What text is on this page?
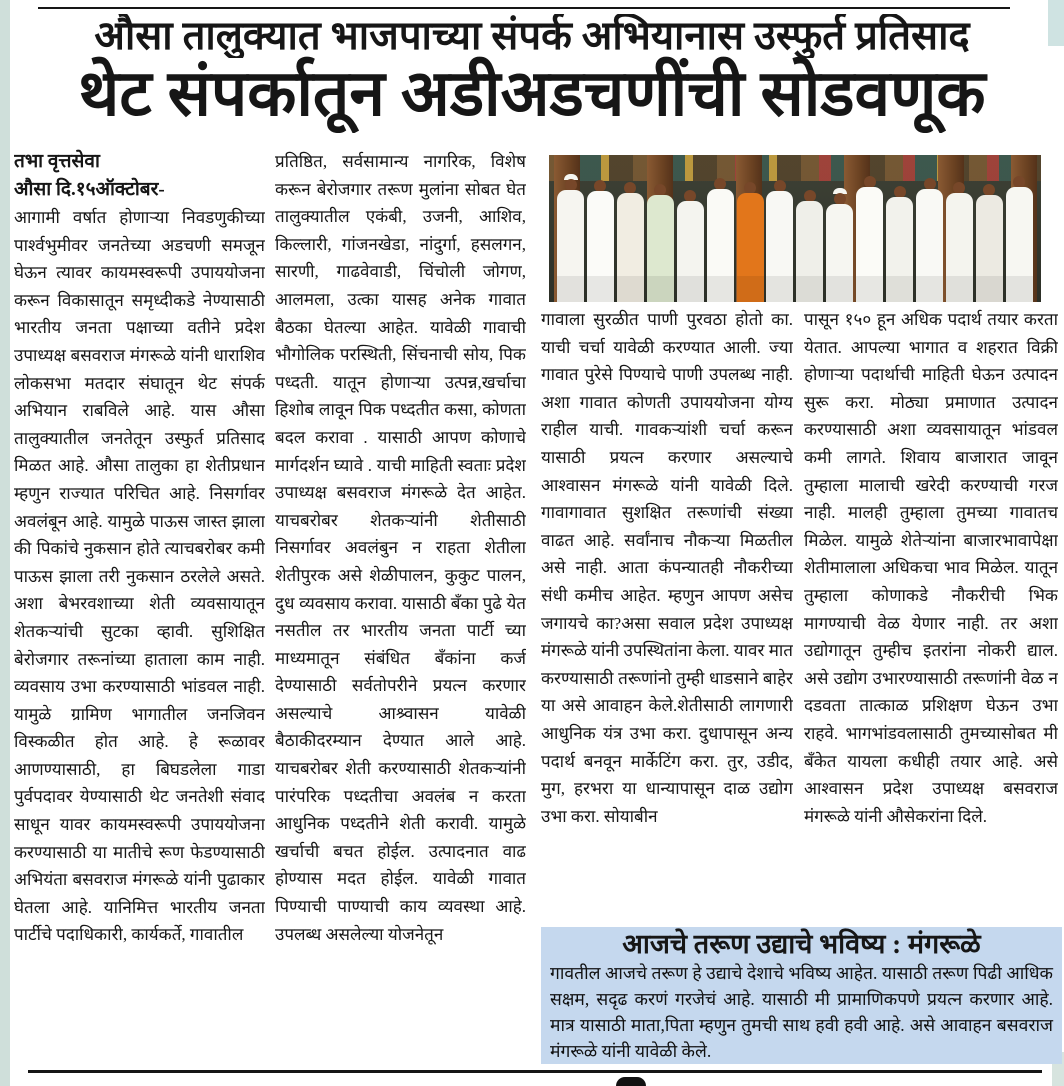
औसा तालुक्यात भाजपाच्या संपर्क अभियानास उस्फुर्त प्रतिसाद
थेट संपर्कातून अडीअडचणींची सोडवणूक
तभा वृत्तसेवा
औसा दि.१५ऑक्टोबर-
आगामी वर्षात होणाऱ्या निवडणुकीच्या पार्श्वभुमीवर जनतेच्या अडचणी समजून घेऊन त्यावर कायमस्वरूपी उपाययोजना करून विकासातून समृध्दीकडे नेण्यासाठी भारतीय जनता पक्षाच्या वतीने प्रदेश उपाध्यक्ष बसवराज मंगरूळे यांनी धाराशिव लोकसभा मतदार संघातून थेट संपर्क अभियान राबविले आहे. यास औसा तालुक्यातील जनतेतून उस्फुर्त प्रतिसाद मिळत आहे. औसा तालुका हा शेतीप्रधान म्हणुन राज्यात परिचित आहे. निसर्गावर अवलंबून आहे. यामुळे पाऊस जास्त झाला की पिकांचे नुकसान होते त्याचबरोबर कमी पाऊस झाला तरी नुकसान ठरलेले असते. अशा बेभरवशाच्या शेती व्यवसायातून शेतकऱ्यांची सुटका व्हावी. सुशिक्षित बेरोजगार तरूनांच्या हाताला काम नाही. व्यवसाय उभा करण्यासाठी भांडवल नाही. यामुळे ग्रामिण भागातील जनजिवन विस्कळीत होत आहे. हे रूळावर आणण्यासाठी, हा बिघडलेला गाडा पुर्वपदावर येण्यासाठी थेट जनतेशी संवाद साधून यावर कायमस्वरूपी उपाययोजना करण्यासाठी या मातीचे रूण फेडण्यासाठी अभियंता बसवराज मंगरूळे यांनी पुढाकार घेतला आहे. यानिमित्त भारतीय जनता पार्टीचे पदाधिकारी, कार्यकर्ते, गावातील
प्रतिष्ठित, सर्वसामान्य नागरिक, विशेष करून बेरोजगार तरूण मुलांना सोबत घेत तालुक्यातील एकंबी, उजनी, आशिव, किल्लारी, गांजनखेडा, नांदुर्गा, हसलगन, सारणी, गाढवेवाडी, चिंचोली जोगण, आलमला, उत्का यासह अनेक गावात बैठका घेतल्या आहेत. यावेळी गावाची भौगोलिक परस्थिती, सिंचनाची सोय, पिक पध्दती. यातून होणाऱ्या उत्पन्न,खर्चाचा हिशोब लावून पिक पध्दतीत कसा, कोणता बदल करावा . यासाठी आपण कोणाचे मार्गदर्शन घ्यावे . याची माहिती स्वताः प्रदेश उपाध्यक्ष बसवराज मंगरूळे देत आहेत. याचबरोबर शेतकऱ्यांनी शेतीसाठी निसर्गावर अवलंबुन न राहता शेतीला शेतीपुरक असे शेळीपालन, कुकुट पालन, दुध व्यवसाय करावा. यासाठी बँका पुढे येत नसतील तर भारतीय जनता पार्टी च्या माध्यमातून संबंधित बँकांना कर्ज देण्यासाठी सर्वतोपरीने प्रयत्न करणार असल्याचे आश्र्वासन यावेळी बैठाकीदरम्यान देण्यात आले आहे. याचबरोबर शेती करण्यासाठी शेतकऱ्यांनी पारंपरिक पध्दतीचा अवलंब न करता आधुनिक पध्दतीने शेती करावी. यामुळे खर्चाची बचत होईल. उत्पादनात वाढ होण्यास मदत होईल. यावेळी गावात पिण्याची पाण्याची काय व्यवस्था आहे. उपलब्ध असलेल्या योजनेतून
गावाला सुरळीत पाणी पुरवठा होतो का. याची चर्चा यावेळी करण्यात आली. ज्या गावात पुरेसे पिण्याचे पाणी उपलब्ध नाही. अशा गावात कोणती उपाययोजना योग्य राहील याची. गावकऱ्यांशी चर्चा करून यासाठी प्रयत्न करणार असल्याचे आश्वासन मंगरूळे यांनी यावेळी दिले. गावागावात सुशक्षित तरूणांची संख्या वाढत आहे. सर्वांनाच नौकऱ्या मिळतील असे नाही. आता कंपन्यातही नौकरीच्या संधी कमीच आहेत. म्हणुन आपण असेच जगायचे का?असा सवाल प्रदेश उपाध्यक्ष मंगरूळे यांनी उपस्थितांना केला. यावर मात करण्यासाठी तरूणांनो तुम्ही धाडसाने बाहेर या असे आवाहन केले.शेतीसाठी लागणारी आधुनिक यंत्र उभा करा. दुधापासून अन्य पदार्थ बनवून मार्केटिंग करा. तुर, उडीद, मुग, हरभरा या धान्यापासून दाळ उद्योग उभा करा. सोयाबीन
पासून १५० हून अधिक पदार्थ तयार करता येतात. आपल्या भागात व शहरात विक्री होणाऱ्या पदार्थाची माहिती घेऊन उत्पादन सुरू करा. मोठ्या प्रमाणात उत्पादन करण्यासाठी अशा व्यवसायातून भांडवल कमी लागते. शिवाय बाजारात जावून तुम्हाला मालाची खरेदी करण्याची गरज नाही. मालही तुम्हाला तुमच्या गावातच मिळेल. यामुळे शेतेऱ्यांना बाजारभावापेक्षा शेतीमालाला अधिकचा भाव मिळेल. यातून तुम्हाला कोणाकडे नौकरीची भिक मागण्याची वेळ येणार नाही. तर अशा उद्योगातून तुम्हीच इतरांना नोकरी द्याल. असे उद्योग उभारण्यासाठी तरूणांनी वेळ न दडवता तात्काळ प्रशिक्षण घेऊन उभा राहवे. भागभांडवलासाठी तुमच्यासोबत मी बँकेत यायला कधीही तयार आहे. असे आश्वासन प्रदेश उपाध्यक्ष बसवराज मंगरूळे यांनी औसेकरांना दिले.
आजचे तरूण उद्याचे भविष्य : मंगरूळे
गावतील आजचे तरूण हे उद्याचे देशाचे भविष्य आहेत. यासाठी तरूण पिढी आधिक सक्षम, सदृढ करणं गरजेचं आहे. यासाठी मी प्रामाणिकपणे प्रयत्न करणार आहे. मात्र यासाठी माता,पिता म्हणुन तुमची साथ हवी हवी आहे. असे आवाहन बसवराज मंगरूळे यांनी यावेळी केले.
